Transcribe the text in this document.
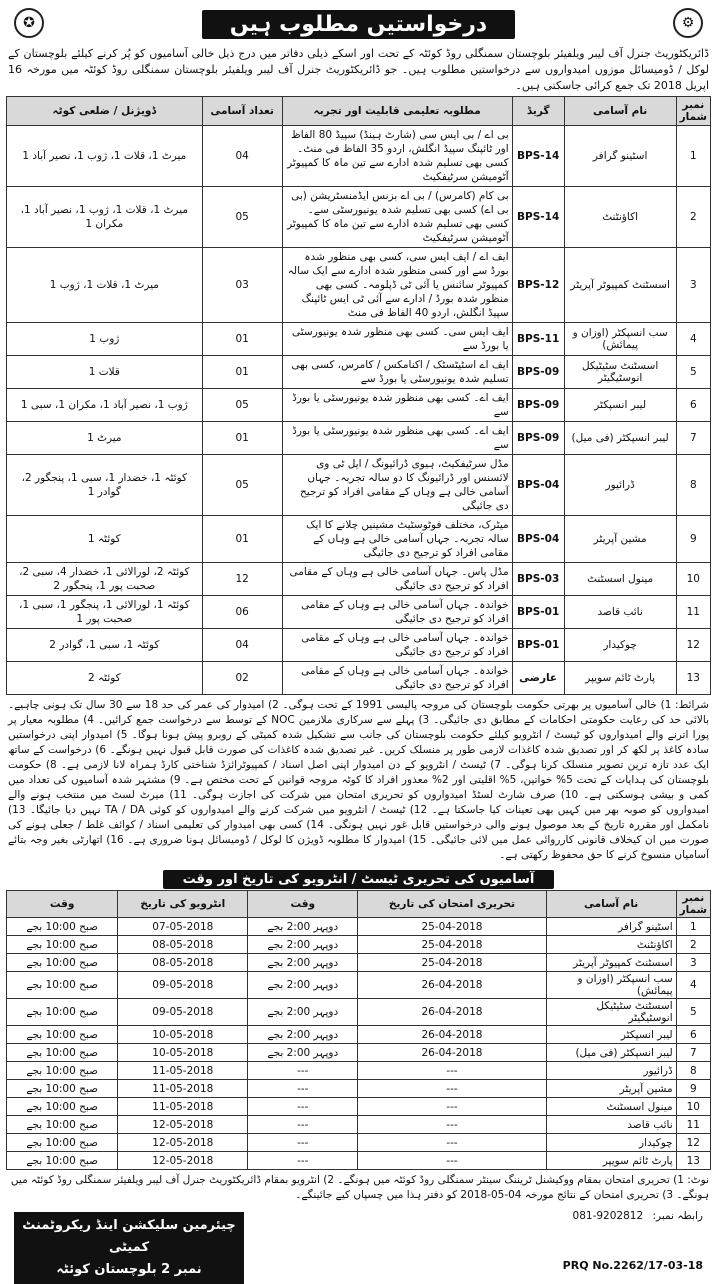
✪	درخواستیں مطلوب ہیں	⚙
ڈائریکٹوریٹ جنرل آف لیبر ویلفیئر بلوچستان سمنگلی روڈ کوئٹہ کے تحت اور اسکے ذیلی دفاتر میں درج ذیل خالی آسامیوں کو پُر کرنے کیلئے بلوچستان کے لوکل / ڈومیسائل موزوں امیدواروں سے درخواستیں مطلوب ہیں۔ جو ڈائریکٹوریٹ جنرل آف لیبر ویلفیئر بلوچستان سمنگلی روڈ کوئٹہ میں مورخہ 16 اپریل 2018 تک جمع کرائی جاسکتی ہیں۔
نمبر شمار	نام آسامی	گریڈ	مطلوبہ تعلیمی قابلیت اور تجربہ	تعداد آسامی	ڈویژنل / ضلعی کوٹہ
1	اسٹینو گرافر	BPS-14	بی اے / بی ایس سی (شارٹ ہینڈ) سپیڈ 80 الفاظ اور ٹائپنگ سپیڈ انگلش، اردو 35 الفاظ فی منٹ۔ کسی بھی تسلیم شدہ ادارے سے تین ماہ کا کمپیوٹر آٹومیشن سرٹیفکیٹ	04	میرٹ 1، قلات 1، ژوب 1، نصیر آباد 1
2	اکاؤنٹنٹ	BPS-14	بی کام (کامرس) / بی اے بزنس ایڈمنسٹریشن (بی بی اے) کسی بھی تسلیم شدہ یونیورسٹی سے۔ کسی بھی تسلیم شدہ ادارے سے تین ماہ کا کمپیوٹر آٹومیشن سرٹیفکیٹ	05	میرٹ 1، قلات 1، ژوب 1، نصیر آباد 1، مکران 1
3	اسسٹنٹ کمپیوٹر آپریٹر	BPS-12	ایف اے / ایف ایس سی، کسی بھی منظور شدہ بورڈ سے اور کسی منظور شدہ ادارے سے ایک سالہ کمپیوٹر سائنس یا آئی ٹی ڈپلومہ۔ کسی بھی منظور شدہ بورڈ / ادارے سے آئی ٹی ایس ٹائپنگ سپیڈ انگلش، اردو 40 الفاظ فی منٹ	03	میرٹ 1، قلات 1، ژوب 1
4	سب انسپکٹر (اوزان و پیمائش)	BPS-11	ایف ایس سی۔ کسی بھی منظور شدہ یونیورسٹی یا بورڈ سے	01	ژوب 1
5	اسسٹنٹ سٹیٹیکل انوسٹیگیٹر	BPS-09	ایف اے اسٹیٹسٹک / اکنامکس / کامرس، کسی بھی تسلیم شدہ یونیورسٹی یا بورڈ سے	01	قلات 1
6	لیبر انسپکٹر	BPS-09	ایف اے۔ کسی بھی منظور شدہ یونیورسٹی یا بورڈ سے	05	ژوب 1، نصیر آباد 1، مکران 1، سبی 1
7	لیبر انسپکٹر (فی میل)	BPS-09	ایف اے۔ کسی بھی منظور شدہ یونیورسٹی یا بورڈ سے	01	میرٹ 1
8	ڈرائیور	BPS-04	مڈل سرٹیفکیٹ، ہیوی ڈرائیونگ / ایل ٹی وی لائسنس اور ڈرائیونگ کا دو سالہ تجربہ۔ جہاں آسامی خالی ہے وہاں کے مقامی افراد کو ترجیح دی جائیگی	05	کوئٹہ 1، خضدار 1، سبی 1، پنجگور 2، گوادر 1
9	مشین آپریٹر	BPS-04	میٹرک، مختلف فوٹوسٹیٹ مشینیں چلانے کا ایک سالہ تجربہ۔ جہاں آسامی خالی ہے وہاں کے مقامی افراد کو ترجیح دی جائیگی	01	کوئٹہ 1
10	مینول اسسٹنٹ	BPS-03	مڈل پاس۔ جہاں آسامی خالی ہے وہاں کے مقامی افراد کو ترجیح دی جائیگی	12	کوئٹہ 2، لورالائی 1، خضدار 4، سبی 2، صحبت پور 1، پنجگور 2
11	نائب قاصد	BPS-01	خواندہ۔ جہاں آسامی خالی ہے وہاں کے مقامی افراد کو ترجیح دی جائیگی	06	کوئٹہ 1، لورالائی 1، پنجگور 1، سبی 1، صحبت پور 1
12	چوکیدار	BPS-01	خواندہ۔ جہاں آسامی خالی ہے وہاں کے مقامی افراد کو ترجیح دی جائیگی	04	کوئٹہ 1، سبی 1، گوادر 2
13	پارٹ ٹائم سویپر	عارضی	خواندہ۔ جہاں آسامی خالی ہے وہاں کے مقامی افراد کو ترجیح دی جائیگی	02	کوئٹہ 2
شرائط: 1) خالی آسامیوں پر بھرتی حکومت بلوچستان کی مروجہ پالیسی 1991 کے تحت ہوگی۔ 2) امیدوار کی عمر کی حد 18 سے 30 سال تک ہونی چاہیے۔ بالائی حد کی رعایت حکومتی احکامات کے مطابق دی جائیگی۔ 3) پہلے سے سرکاری ملازمین NOC کے توسط سے درخواست جمع کرائیں۔ 4) مطلوبہ معیار پر پورا اترنے والے امیدواروں کو ٹیسٹ / انٹرویو کیلئے حکومت بلوچستان کی جانب سے تشکیل شدہ کمیٹی کے روبرو پیش ہونا ہوگا۔ 5) امیدوار اپنی درخواستیں سادہ کاغذ پر لکھ کر اور تصدیق شدہ کاغذات لازمی طور پر منسلک کریں۔ غیر تصدیق شدہ کاغذات کی صورت قابل قبول نہیں ہونگے۔ 6) درخواست کے ساتھ ایک عدد تازہ ترین تصویر منسلک کرنا ہوگی۔ 7) ٹیسٹ / انٹرویو کے دن امیدوار اپنی اصل اسناد / کمپیوٹرائزڈ شناختی کارڈ ہمراہ لانا لازمی ہے۔ 8) حکومت بلوچستان کی ہدایات کے تحت 5% خواتین، 5% اقلیتی اور 2% معذور افراد کا کوٹہ مروجہ قوانین کے تحت مختص ہے۔ 9) مشتہر شدہ آسامیوں کی تعداد میں کمی و بیشی ہوسکتی ہے۔ 10) صرف شارٹ لسٹڈ امیدواروں کو تحریری امتحان میں شرکت کی اجازت ہوگی۔ 11) میرٹ لسٹ میں منتخب ہونے والے امیدواروں کو صوبہ بھر میں کہیں بھی تعینات کیا جاسکتا ہے۔ 12) ٹیسٹ / انٹرویو میں شرکت کرنے والے امیدواروں کو کوئی TA / DA نہیں دیا جائیگا۔ 13) نامکمل اور مقررہ تاریخ کے بعد موصول ہونے والی درخواستیں قابل غور نہیں ہونگی۔ 14) کسی بھی امیدوار کی تعلیمی اسناد / کوائف غلط / جعلی ہونے کی صورت میں ان کیخلاف قانونی کارروائی عمل میں لائی جائیگی۔ 15) امیدوار کا مطلوبہ ڈویژن کا لوکل / ڈومیسائل ہونا ضروری ہے۔ 16) اتھارٹی بغیر وجہ بتائے آسامیاں منسوخ کرنے کا حق محفوظ رکھتی ہے۔
آسامیوں کی تحریری ٹیسٹ / انٹرویو کی تاریخ اور وقت
نمبر شمار	نام آسامی	تحریری امتحان کی تاریخ	وقت	انٹرویو کی تاریخ	وقت
1	اسٹینو گرافر	25-04-2018	دوپہر 2:00 بجے	07-05-2018	صبح 10:00 بجے
2	اکاؤنٹنٹ	25-04-2018	دوپہر 2:00 بجے	08-05-2018	صبح 10:00 بجے
3	اسسٹنٹ کمپیوٹر آپریٹر	25-04-2018	دوپہر 2:00 بجے	08-05-2018	صبح 10:00 بجے
4	سب انسپکٹر (اوزان و پیمائش)	26-04-2018	دوپہر 2:00 بجے	09-05-2018	صبح 10:00 بجے
5	اسسٹنٹ سٹیٹیکل انوسٹیگیٹر	26-04-2018	دوپہر 2:00 بجے	09-05-2018	صبح 10:00 بجے
6	لیبر انسپکٹر	26-04-2018	دوپہر 2:00 بجے	10-05-2018	صبح 10:00 بجے
7	لیبر انسپکٹر (فی میل)	26-04-2018	دوپہر 2:00 بجے	10-05-2018	صبح 10:00 بجے
8	ڈرائیور	---	---	11-05-2018	صبح 10:00 بجے
9	مشین آپریٹر	---	---	11-05-2018	صبح 10:00 بجے
10	مینول اسسٹنٹ	---	---	11-05-2018	صبح 10:00 بجے
11	نائب قاصد	---	---	12-05-2018	صبح 10:00 بجے
12	چوکیدار	---	---	12-05-2018	صبح 10:00 بجے
13	پارٹ ٹائم سویپر	---	---	12-05-2018	صبح 10:00 بجے
نوٹ: 1) تحریری امتحان بمقام ووکیشنل ٹریننگ سینٹر سمنگلی روڈ کوئٹہ میں ہونگے۔ 2) انٹرویو بمقام ڈائریکٹوریٹ جنرل آف لیبر ویلفیئر سمنگلی روڈ کوئٹہ میں ہونگے۔ 3) تحریری امتحان کے نتائج مورخہ 04-05-2018 کو دفتر ہذا میں چسپاں کیے جائینگے۔
چیئرمین سلیکشن اینڈ ریکروٹمنٹ کمیٹی
نمبر 2 بلوچستان کوئٹہ
رابطہ نمبر: 081-9202812
PRQ No.2262/17-03-18
